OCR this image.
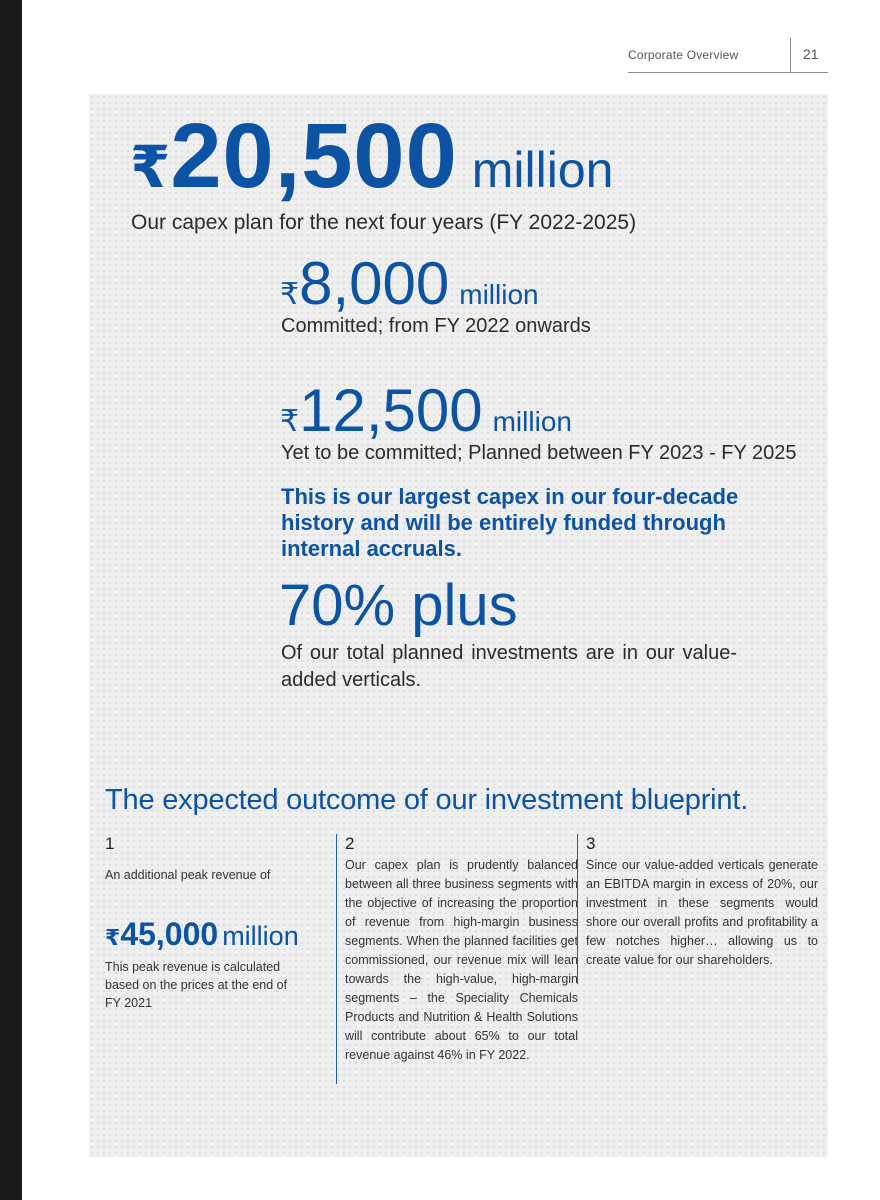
Corporate Overview	21
₹20,500 million
Our capex plan for the next four years (FY 2022-2025)
₹8,000 million
Committed; from FY 2022 onwards
₹12,500 million
Yet to be committed; Planned between FY 2023 - FY 2025
This is our largest capex in our four-decade history and will be entirely funded through internal accruals.
70% plus
Of our total planned investments are in our value-added verticals.
The expected outcome of our investment blueprint.
1
An additional peak revenue of
₹45,000 million
This peak revenue is calculated based on the prices at the end of FY 2021
2
Our capex plan is prudently balanced between all three business segments with the objective of increasing the proportion of revenue from high-margin business segments. When the planned facilities get commissioned, our revenue mix will lean towards the high-value, high-margin segments – the Speciality Chemicals Products and Nutrition & Health Solutions will contribute about 65% to our total revenue against 46% in FY 2022.
3
Since our value-added verticals generate an EBITDA margin in excess of 20%, our investment in these segments would shore our overall profits and profitability a few notches higher… allowing us to create value for our shareholders.
